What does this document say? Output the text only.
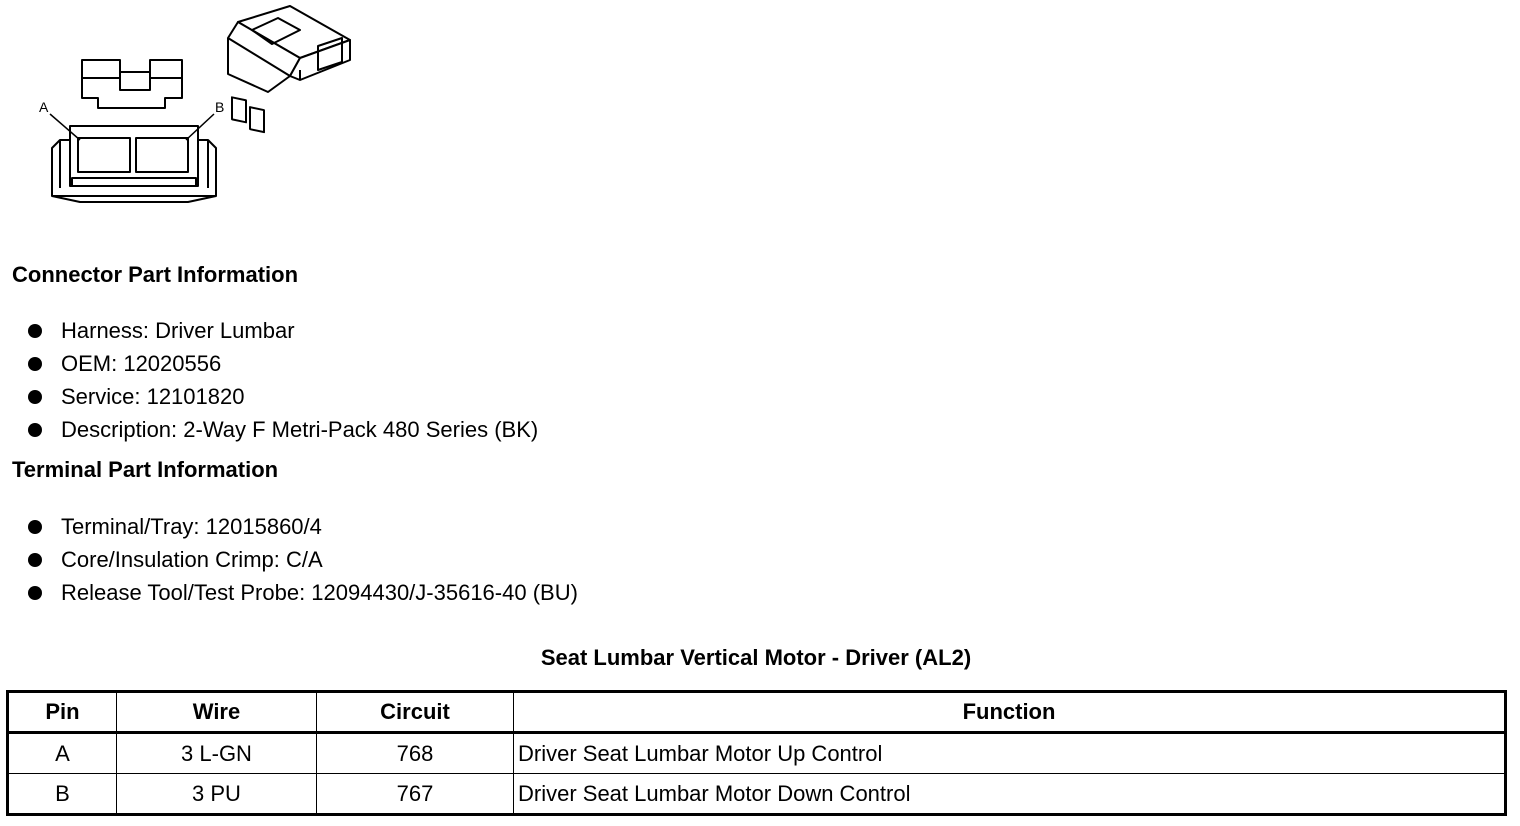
A	B
Connector Part Information
Harness: Driver Lumbar
OEM: 12020556
Service: 12101820
Description: 2-Way F Metri-Pack 480 Series (BK)
Terminal Part Information
Terminal/Tray: 12015860/4
Core/Insulation Crimp: C/A
Release Tool/Test Probe: 12094430/J-35616-40 (BU)
Seat Lumbar Vertical Motor - Driver (AL2)
Pin	Wire	Circuit	Function
A	3 L-GN	768	Driver Seat Lumbar Motor Up Control
B	3 PU	767	Driver Seat Lumbar Motor Down Control
